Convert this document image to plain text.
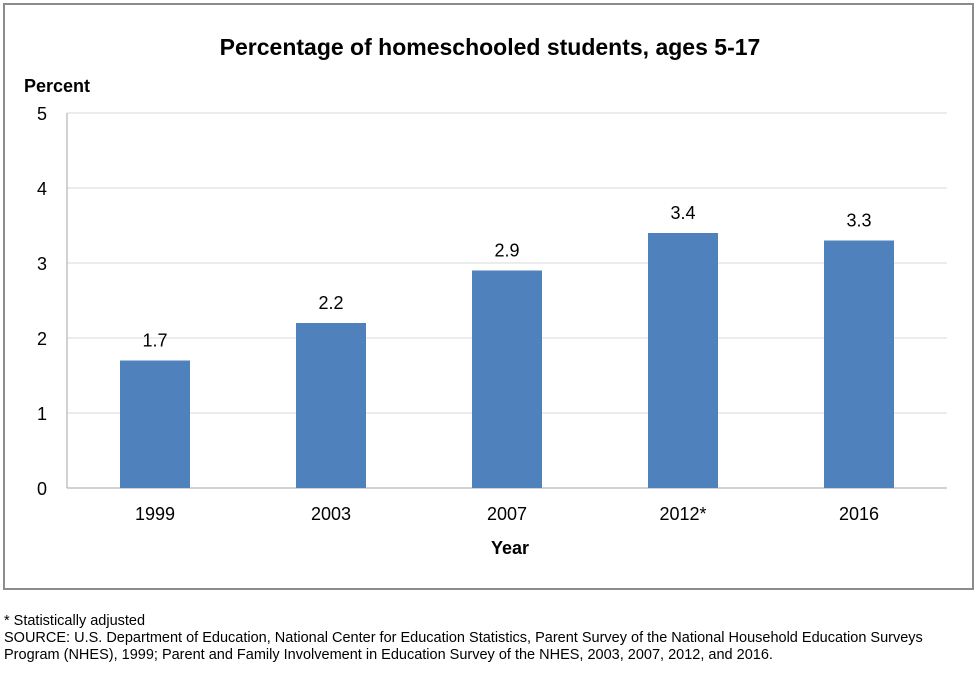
Percentage of homeschooled students, ages 5-17
Percent
Year
0
1
2
3
4
5
1.7
1999
2.2
2003
2.9
2007
3.4
2012*
3.3
2016
* Statistically adjusted
SOURCE: U.S. Department of Education, National Center for Education Statistics, Parent Survey of the National Household Education Surveys Program (NHES), 1999; Parent and Family Involvement in Education Survey of the NHES, 2003, 2007, 2012, and 2016.
